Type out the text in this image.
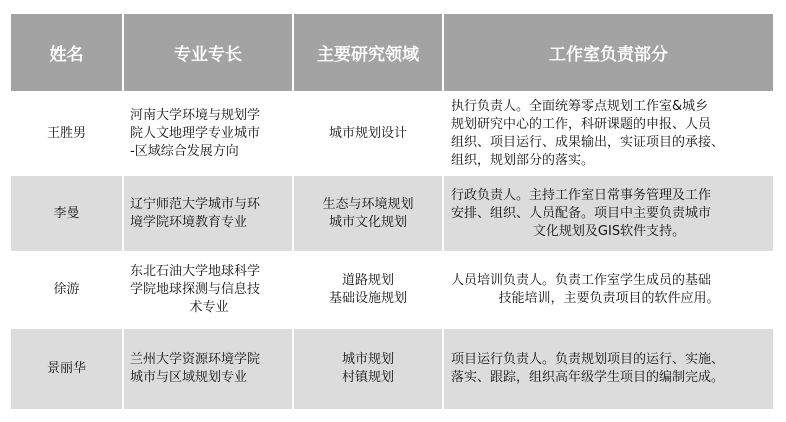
姓名	专业专长	主要研究领域	工作室负责部分
王胜男	河南大学环境与规划学
院人文地理学专业城市
-区域综合发展方向	城市规划设计	执行负责人。全面统筹零点规划工作室&城乡
规划研究中心的工作，科研课题的申报、人员
组织、项目运行、成果输出，实证项目的承接、
组织，规划部分的落实。

李曼	辽宁师范大学城市与环
境学院环境教育专业	生态与环境规划
城市文化规划	行政负责人。主持工作室日常事务管理及工作
安排、组织、人员配备。项目中主要负责城市
文化规划及GIS软件支持。

徐游	东北石油大学地球科学
学院地球探测与信息技
术专业	道路规划
基础设施规划	人员培训负责人。负责工作室学生成员的基础
技能培训，主要负责项目的软件应用。

景丽华	兰州大学资源环境学院
城市与区域规划专业	城市规划
村镇规划	项目运行负责人。负责规划项目的运行、实施、
落实、跟踪，组织高年级学生项目的编制完成。
